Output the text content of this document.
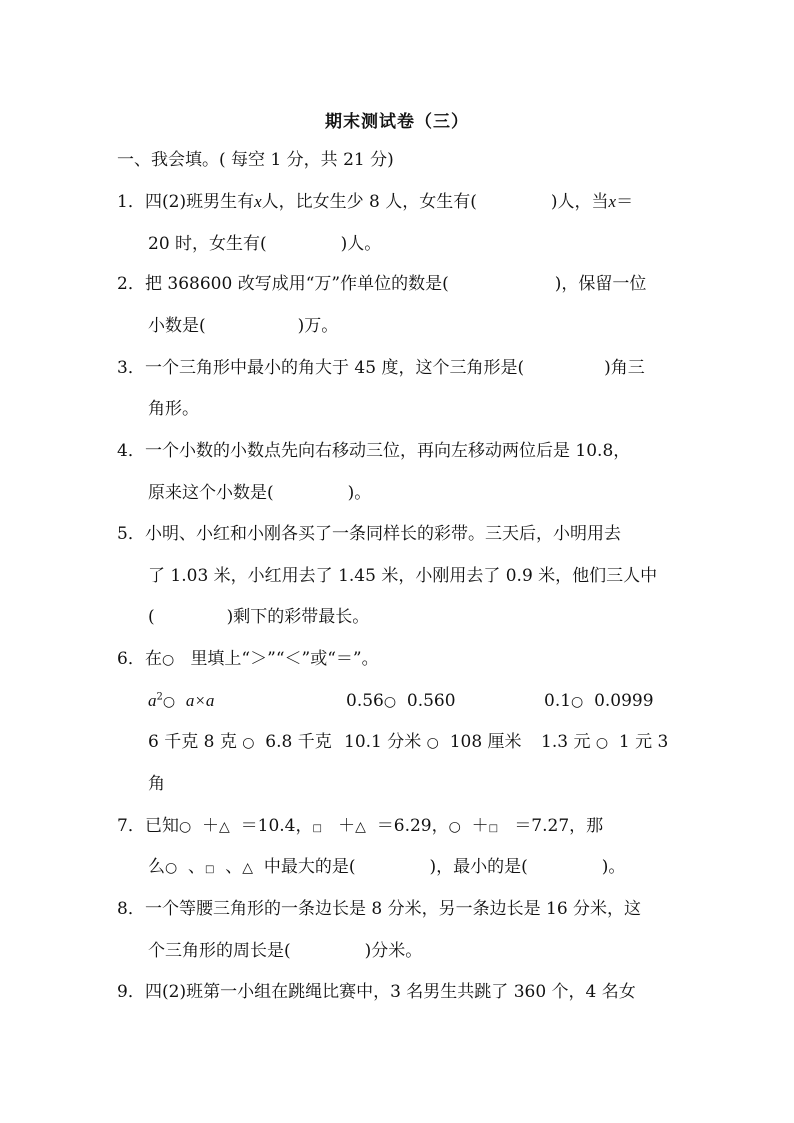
期末测试卷（三）
一、我会填。( 每空 1 分，共 21 分)
1．四(2)班男生有x人，比女生少 8 人，女生有(	)人，当x＝
20 时，女生有(	)人。
2．把 368600 改写成用“万”作单位的数是(	)，保留一位
小数是(	)万。
3．一个三角形中最小的角大于 45 度，这个三角形是(	)角三
角形。
4．一个小数的小数点先向右移动三位，再向左移动两位后是 10.8，
原来这个小数是(	)。
5．小明、小红和小刚各买了一条同样长的彩带。三天后，小明用去
了 1.03 米，小红用去了 1.45 米，小刚用去了 0.9 米，他们三人中
(	)剩下的彩带最长。
6．在○ 里填上“＞”“＜”或“＝”。
$a^2○$ a×a	0.56○ 0.560	0.1○ 0.0999
6 千克 8 克 ○ 6.8 千克 10.1 分米 ○ 108 厘米 1.3 元 ○ 1 元 3
角
7．已知○ ＋△ ＝10.4，□ ＋△ ＝6.29，○ ＋□ ＝7.27，那
么○ 、□ 、△ 中最大的是(	)，最小的是(	)。
8．一个等腰三角形的一条边长是 8 分米，另一条边长是 16 分米，这
个三角形的周长是(	)分米。
9．四(2)班第一小组在跳绳比赛中，3 名男生共跳了 360 个，4 名女
